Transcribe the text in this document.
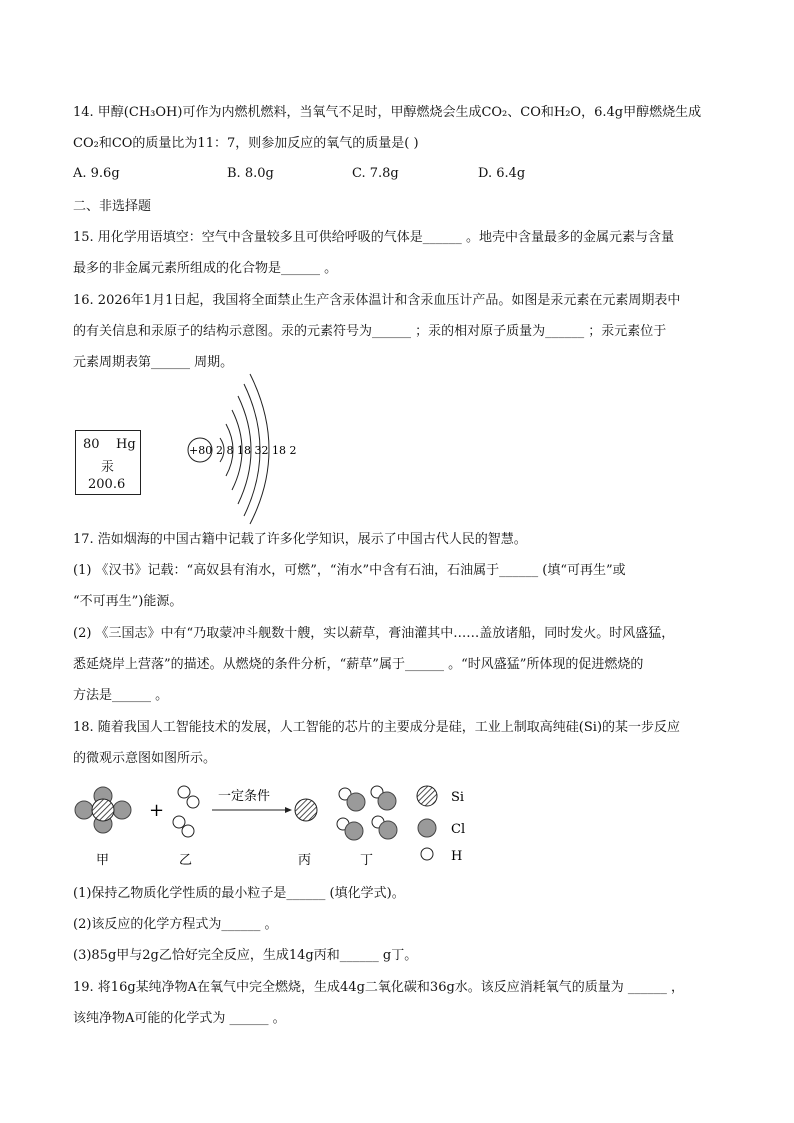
14. 甲醇(CH₃OH)可作为内燃机燃料，当氧气不足时，甲醇燃烧会生成CO₂、CO和H₂O，6.4g甲醇燃烧生成
CO₂和CO的质量比为11：7，则参加反应的氧气的质量是( )
A. 9.6g	B. 8.0g	C. 7.8g	D. 6.4g
二、非选择题
15. 用化学用语填空：空气中含量较多且可供给呼吸的气体是______ 。地壳中含量最多的金属元素与含量
最多的非金属元素所组成的化合物是______ 。
16. 2026年1月1日起，我国将全面禁止生产含汞体温计和含汞血压计产品。如图是汞元素在元素周期表中
的有关信息和汞原子的结构示意图。汞的元素符号为______ ；汞的相对原子质量为______ ；汞元素位于
元素周期表第______ 周期。
80 Hg
汞
200.6
+80 2 8 18 32 18 2
17. 浩如烟海的中国古籍中记载了许多化学知识，展示了中国古代人民的智慧。
(1) 《汉书》记载：“高奴县有洧水，可燃”，“洧水”中含有石油，石油属于______ (填“可再生”或
“不可再生”)能源。
(2) 《三国志》中有“乃取蒙冲斗舰数十艘，实以薪草，膏油灌其中……盖放诸船，同时发火。时风盛猛，
悉延烧岸上营落”的描述。从燃烧的条件分析，“薪草”属于______ 。“时风盛猛”所体现的促进燃烧的
方法是______ 。
18. 随着我国人工智能技术的发展，人工智能的芯片的主要成分是硅，工业上制取高纯硅(Si)的某一步反应
的微观示意图如图所示。
+
一定条件	Si
Cl
H
甲	乙	丙	丁
(1)保持乙物质化学性质的最小粒子是______ (填化学式)。
(2)该反应的化学方程式为______ 。
(3)85g甲与2g乙恰好完全反应，生成14g丙和______ g丁。
19. 将16g某纯净物A在氧气中完全燃烧，生成44g二氧化碳和36g水。该反应消耗氧气的质量为 ______ ，
该纯净物A可能的化学式为 ______ 。
